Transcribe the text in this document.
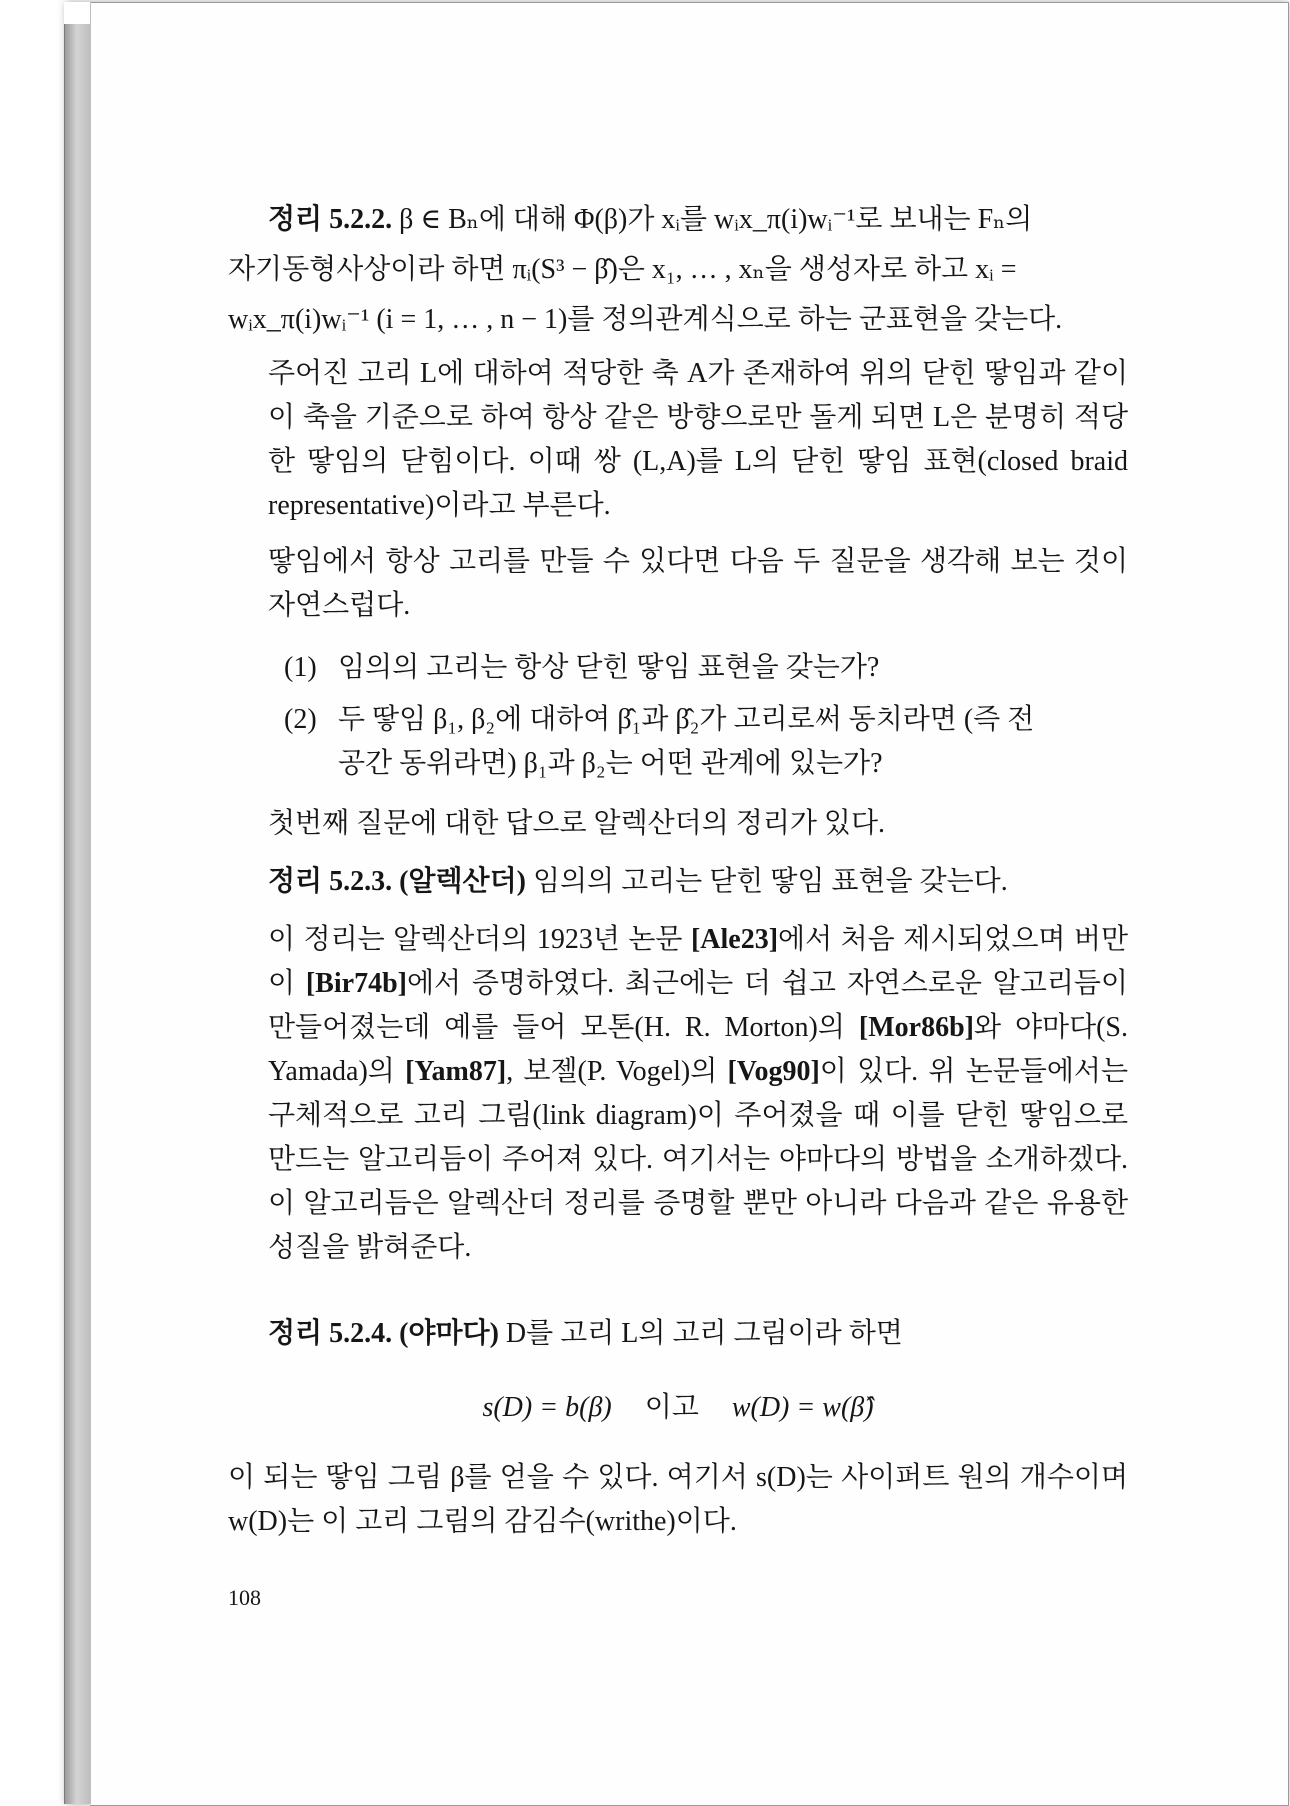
정리 5.2.2. β ∈ Bₙ에 대해 Φ(β)가 xᵢ를 wᵢx_π(i)wᵢ⁻¹로 보내는 Fₙ의

자기동형사상이라 하면 πᵢ(S³ − β̂)은 x₁, … , xₙ을 생성자로 하고 xᵢ =

wᵢx_π(i)wᵢ⁻¹ (i = 1, … , n − 1)를 정의관계식으로 하는 군표현을 갖는다.

주어진 고리 L에 대하여 적당한 축 A가 존재하여 위의 닫힌 땋임과 같이 이 축을 기준으로 하여 항상 같은 방향으로만 돌게 되면 L은 분명히 적당한 땋임의 닫힘이다. 이때 쌍 (L,A)를 L의 닫힌 땋임 표현(closed braid representative)이라고 부른다.

땋임에서 항상 고리를 만들 수 있다면 다음 두 질문을 생각해 보는 것이 자연스럽다.

(1) 임의의 고리는 항상 닫힌 땋임 표현을 갖는가?
(2) 두 땋임 β₁, β₂에 대하여 β̂₁과 β̂₂가 고리로써 동치라면 (즉 전
공간 동위라면) β₁과 β₂는 어떤 관계에 있는가?

첫번째 질문에 대한 답으로 알렉산더의 정리가 있다.

정리 5.2.3. (알렉산더) 임의의 고리는 닫힌 땋임 표현을 갖는다.

이 정리는 알렉산더의 1923년 논문 [Ale23]에서 처음 제시되었으며 버만이 [Bir74b]에서 증명하였다. 최근에는 더 쉽고 자연스로운 알고리듬이 만들어졌는데 예를 들어 모톤(H. R. Morton)의 [Mor86b]와 야마다(S. Yamada)의 [Yam87], 보젤(P. Vogel)의 [Vog90]이 있다. 위 논문들에서는 구체적으로 고리 그림(link diagram)이 주어졌을 때 이를 닫힌 땋임으로 만드는 알고리듬이 주어져 있다. 여기서는 야마다의 방법을 소개하겠다. 이 알고리듬은 알렉산더 정리를 증명할 뿐만 아니라 다음과 같은 유용한 성질을 밝혀준다.

정리 5.2.4. (야마다) D를 고리 L의 고리 그림이라 하면

s(D) = b(β) 이고 w(D) = w(β̂)

이 되는 땋임 그림 β를 얻을 수 있다. 여기서 s(D)는 사이퍼트 원의 개수이며 w(D)는 이 고리 그림의 감김수(writhe)이다.

108
